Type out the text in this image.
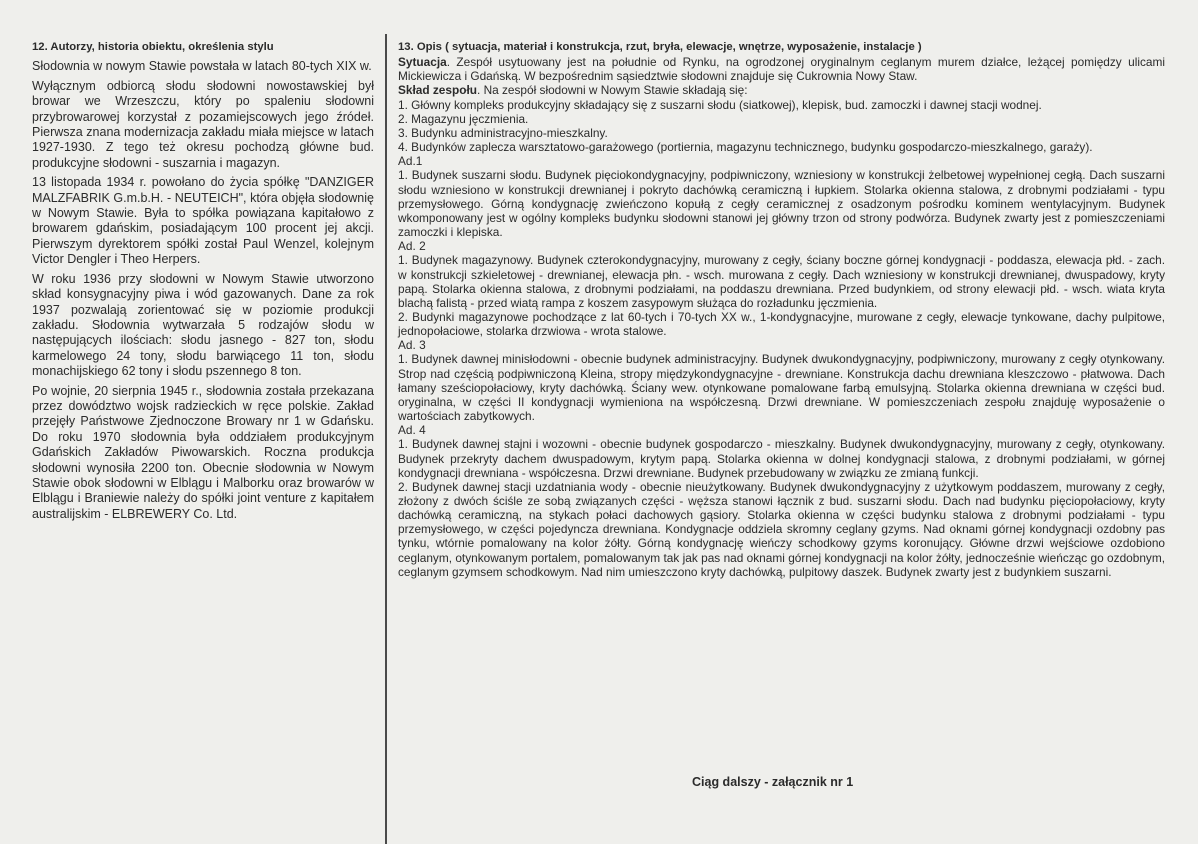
12. Autorzy, historia obiektu, określenia stylu

Słodownia w nowym Stawie powstała w latach 80-tych XIX w.

Wyłącznym odbiorcą słodu słodowni nowostawskiej był browar we Wrzeszczu, który po spaleniu słodowni przybrowarowej korzystał z pozamiejscowych jego źródeł. Pierwsza znana modernizacja zakładu miała miejsce w latach 1927-1930. Z tego też okresu pochodzą główne bud. produkcyjne słodowni - suszarnia i magazyn.

13 listopada 1934 r. powołano do życia spółkę "DANZIGER MALZFABRIK G.m.b.H. - NEUTEICH", która objęła słodownię w Nowym Stawie. Była to spółka powiązana kapitałowo z browarem gdańskim, posiadającym 100 procent jej akcji. Pierwszym dyrektorem spółki został Paul Wenzel, kolejnym Victor Dengler i Theo Herpers.

W roku 1936 przy słodowni w Nowym Stawie utworzono skład konsygnacyjny piwa i wód gazowanych. Dane za rok 1937 pozwalają zorientować się w poziomie produkcji zakładu. Słodownia wytwarzała 5 rodzajów słodu w następujących ilościach: słodu jasnego - 827 ton, słodu karmelowego 24 tony, słodu barwiącego 11 ton, słodu monachijskiego 62 tony i słodu pszennego 8 ton.

Po wojnie, 20 sierpnia 1945 r., słodownia została przekazana przez dowództwo wojsk radzieckich w ręce polskie. Zakład przejęły Państwowe Zjednoczone Browary nr 1 w Gdańsku. Do roku 1970 słodownia była oddziałem produkcyjnym Gdańskich Zakładów Piwowarskich. Roczna produkcja słodowni wynosiła 2200 ton. Obecnie słodownia w Nowym Stawie obok słodowni w Elblągu i Malborku oraz browarów w Elblągu i Braniewie należy do spółki joint venture z kapitałem australijskim - ELBREWERY Co. Ltd.

13. Opis ( sytuacja, materiał i konstrukcja, rzut, bryła, elewacje, wnętrze, wyposażenie, instalacje )

Sytuacja. Zespół usytuowany jest na południe od Rynku, na ogrodzonej oryginalnym ceglanym murem działce, leżącej pomiędzy ulicami Mickiewicza i Gdańską. W bezpośrednim sąsiedztwie słodowni znajduje się Cukrownia Nowy Staw.

Skład zespołu. Na zespół słodowni w Nowym Stawie składają się:

1. Główny kompleks produkcyjny składający się z suszarni słodu (siatkowej), klepisk, bud. zamoczki i dawnej stacji wodnej.

2. Magazynu jęczmienia.

3. Budynku administracyjno-mieszkalny.

4. Budynków zaplecza warsztatowo-garażowego (portiernia, magazynu technicznego, budynku gospodarczo-mieszkalnego, garaży).

Ad.1

1. Budynek suszarni słodu. Budynek pięciokondygnacyjny, podpiwniczony, wzniesiony w konstrukcji żelbetowej wypełnionej cegłą. Dach suszarni słodu wzniesiono w konstrukcji drewnianej i pokryto dachówką ceramiczną i łupkiem. Stolarka okienna stalowa, z drobnymi podziałami - typu przemysłowego. Górną kondygnację zwieńczono kopułą z cegły ceramicznej z osadzonym pośrodku kominem wentylacyjnym. Budynek wkomponowany jest w ogólny kompleks budynku słodowni stanowi jej główny trzon od strony podwórza. Budynek zwarty jest z pomieszczeniami zamoczki i klepiska.

Ad. 2

1. Budynek magazynowy. Budynek czterokondygnacyjny, murowany z cegły, ściany boczne górnej kondygnacji - poddasza, elewacja płd. - zach. w konstrukcji szkieletowej - drewnianej, elewacja płn. - wsch. murowana z cegły. Dach wzniesiony w konstrukcji drewnianej, dwuspadowy, kryty papą. Stolarka okienna stalowa, z drobnymi podziałami, na poddaszu drewniana. Przed budynkiem, od strony elewacji płd. - wsch. wiata kryta blachą falistą - przed wiatą rampa z koszem zasypowym służąca do rozładunku jęczmienia.

2. Budynki magazynowe pochodzące z lat 60-tych i 70-tych XX w., 1-kondygnacyjne, murowane z cegły, elewacje tynkowane, dachy pulpitowe, jednopołaciowe, stolarka drzwiowa - wrota stalowe.

Ad. 3

1. Budynek dawnej minisłodowni - obecnie budynek administracyjny. Budynek dwukondygnacyjny, podpiwniczony, murowany z cegły otynkowany. Strop nad częścią podpiwniczoną Kleina, stropy międzykondygnacyjne - drewniane. Konstrukcja dachu drewniana kleszczowo - płatwowa. Dach łamany sześciopołaciowy, kryty dachówką. Ściany wew. otynkowane pomalowane farbą emulsyjną. Stolarka okienna drewniana w części bud. oryginalna, w części II kondygnacji wymieniona na współczesną. Drzwi drewniane. W pomieszczeniach zespołu znajduję wyposażenie o wartościach zabytkowych.

Ad. 4

1. Budynek dawnej stajni i wozowni - obecnie budynek gospodarczo - mieszkalny. Budynek dwukondygnacyjny, murowany z cegły, otynkowany. Budynek przekryty dachem dwuspadowym, krytym papą. Stolarka okienna w dolnej kondygnacji stalowa, z drobnymi podziałami, w górnej kondygnacji drewniana - współczesna. Drzwi drewniane. Budynek przebudowany w związku ze zmianą funkcji.

2. Budynek dawnej stacji uzdatniania wody - obecnie nieużytkowany. Budynek dwukondygnacyjny z użytkowym poddaszem, murowany z cegły, złożony z dwóch ściśle ze sobą związanych części - węższa stanowi łącznik z bud. suszarni słodu. Dach nad budynku pięciopołaciowy, kryty dachówką ceramiczną, na stykach połaci dachowych gąsiory. Stolarka okienna w części budynku stalowa z drobnymi podziałami - typu przemysłowego, w części pojedyncza drewniana. Kondygnacje oddziela skromny ceglany gzyms. Nad oknami górnej kondygnacji ozdobny pas tynku, wtórnie pomalowany na kolor żółty. Górną kondygnację wieńczy schodkowy gzyms koronujący. Główne drzwi wejściowe ozdobiono ceglanym, otynkowanym portalem, pomalowanym tak jak pas nad oknami górnej kondygnacji na kolor żółty, jednocześnie wieńcząc go ozdobnym, ceglanym gzymsem schodkowym. Nad nim umieszczono kryty dachówką, pulpitowy daszek. Budynek zwarty jest z budynkiem suszarni.

Ciąg dalszy - załącznik nr 1
